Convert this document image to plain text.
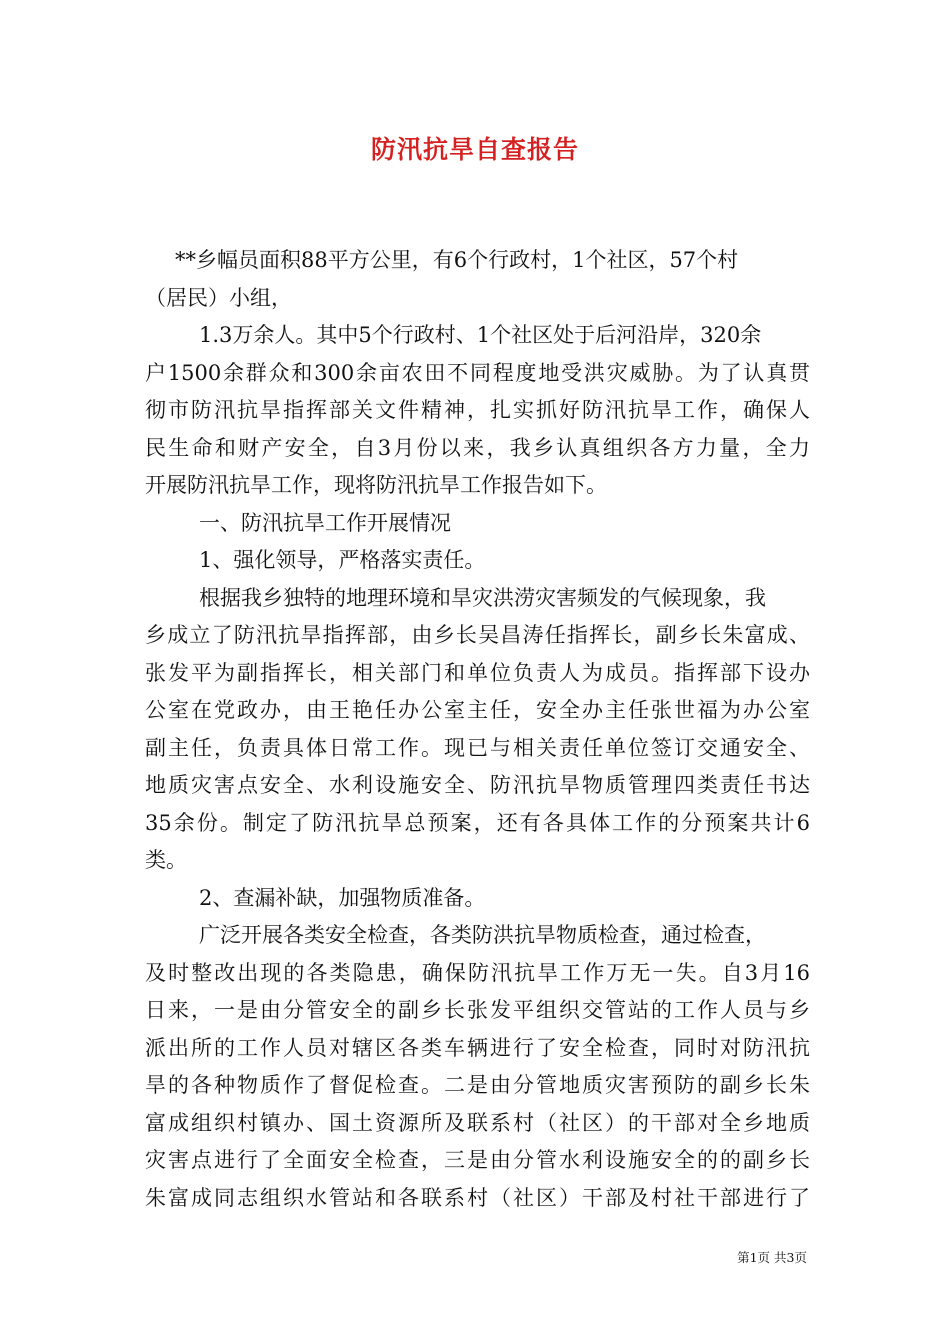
防汛抗旱自查报告
**乡幅员面积88平方公里，有6个行政村，1个社区，57个村
（居民）小组，
1.3万余人。其中5个行政村、1个社区处于后河沿岸，320余
户1500余群众和300余亩农田不同程度地受洪灾威胁。为了认真贯
彻市防汛抗旱指挥部关文件精神，扎实抓好防汛抗旱工作，确保人
民生命和财产安全，自3月份以来，我乡认真组织各方力量，全力
开展防汛抗旱工作，现将防汛抗旱工作报告如下。
一、防汛抗旱工作开展情况
1、强化领导，严格落实责任。
根据我乡独特的地理环境和旱灾洪涝灾害频发的气候现象，我
乡成立了防汛抗旱指挥部，由乡长吴昌涛任指挥长，副乡长朱富成、
张发平为副指挥长，相关部门和单位负责人为成员。指挥部下设办
公室在党政办，由王艳任办公室主任，安全办主任张世福为办公室
副主任，负责具体日常工作。现已与相关责任单位签订交通安全、
地质灾害点安全、水利设施安全、防汛抗旱物质管理四类责任书达
35余份。制定了防汛抗旱总预案，还有各具体工作的分预案共计6
类。
2、查漏补缺，加强物质准备。
广泛开展各类安全检查，各类防洪抗旱物质检查，通过检查，
及时整改出现的各类隐患，确保防汛抗旱工作万无一失。自3月16
日来，一是由分管安全的副乡长张发平组织交管站的工作人员与乡
派出所的工作人员对辖区各类车辆进行了安全检查，同时对防汛抗
旱的各种物质作了督促检查。二是由分管地质灾害预防的副乡长朱
富成组织村镇办、国土资源所及联系村（社区）的干部对全乡地质
灾害点进行了全面安全检查，三是由分管水利设施安全的的副乡长
朱富成同志组织水管站和各联系村（社区）干部及村社干部进行了
第1页 共3页
